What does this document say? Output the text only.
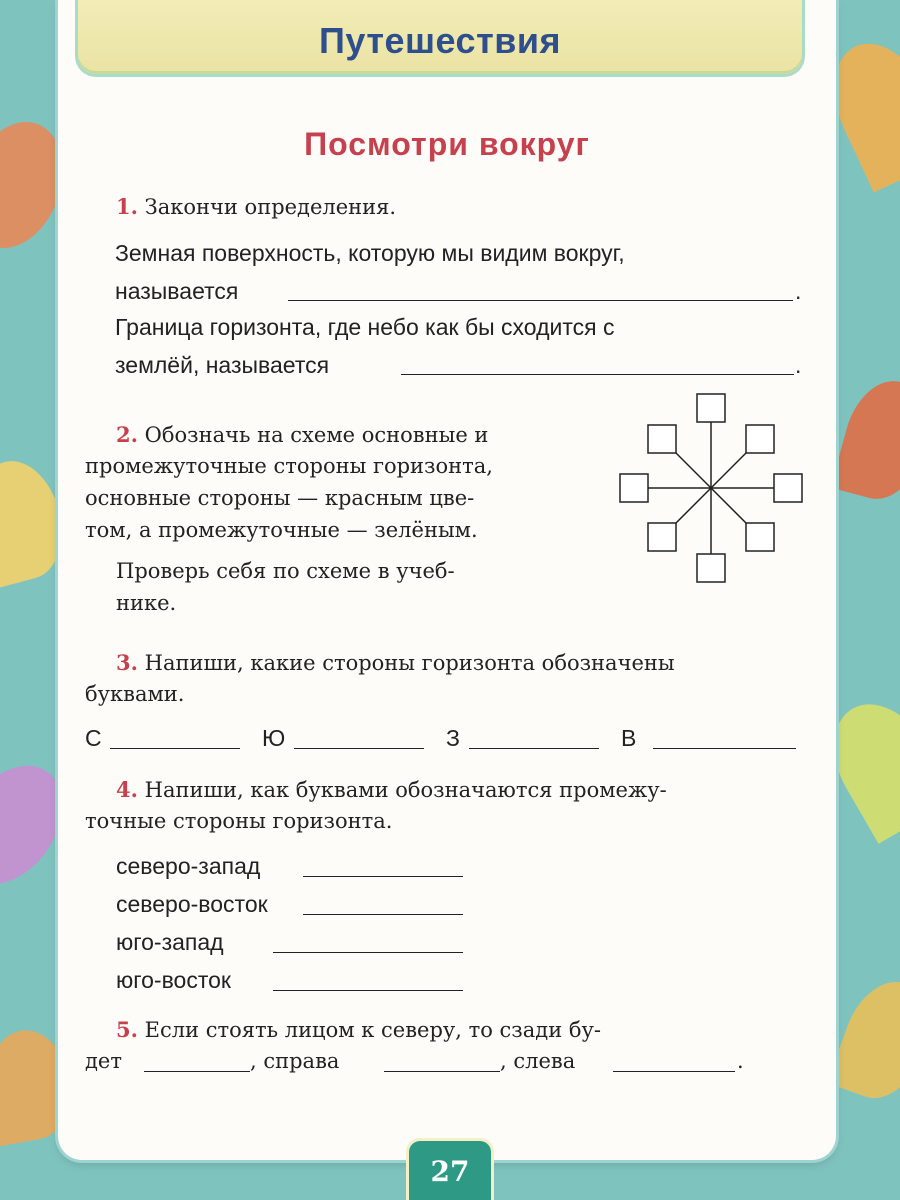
Путешествия
Посмотри вокруг
1. Закончи определения.
Земная поверхность, которую мы видим вокруг,
называется	.
Граница горизонта, где небо как бы сходится с
землёй, называется	.
2. Обозначь на схеме основные и
промежуточные стороны горизонта,
основные стороны — красным цве-
том, а промежуточные — зелёным.
Проверь себя по схеме в учеб-
нике.
3. Напиши, какие стороны горизонта обозначены
буквами.
С	Ю	З	В
4. Напиши, как буквами обозначаются промежу-
точные стороны горизонта.
северо-запад
северо-восток
юго-запад
юго-восток
5. Если стоять лицом к северу, то сзади бу-
дет	, справа	, слева	.
27
